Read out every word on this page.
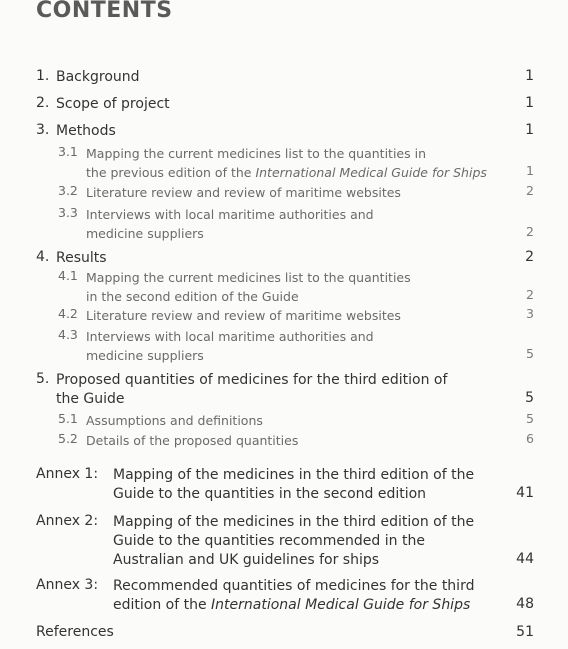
CONTENTS
1. Background	1
2. Scope of project	1
3. Methods	1
3.1 Mapping the current medicines list to the quantities in
the previous edition of the International Medical Guide for Ships	1
3.2 Literature review and review of maritime websites	2
3.3 Interviews with local maritime authorities and
medicine suppliers	2
4. Results	2
4.1 Mapping the current medicines list to the quantities
in the second edition of the Guide	2
4.2 Literature review and review of maritime websites	3
4.3 Interviews with local maritime authorities and
medicine suppliers	5
5. Proposed quantities of medicines for the third edition of
the Guide	5
5.1 Assumptions and definitions	5
5.2 Details of the proposed quantities	6
Annex 1: Mapping of the medicines in the third edition of the
Guide to the quantities in the second edition	41
Annex 2: Mapping of the medicines in the third edition of the
Guide to the quantities recommended in the
Australian and UK guidelines for ships	44
Annex 3: Recommended quantities of medicines for the third
edition of the International Medical Guide for Ships	48
References	51
